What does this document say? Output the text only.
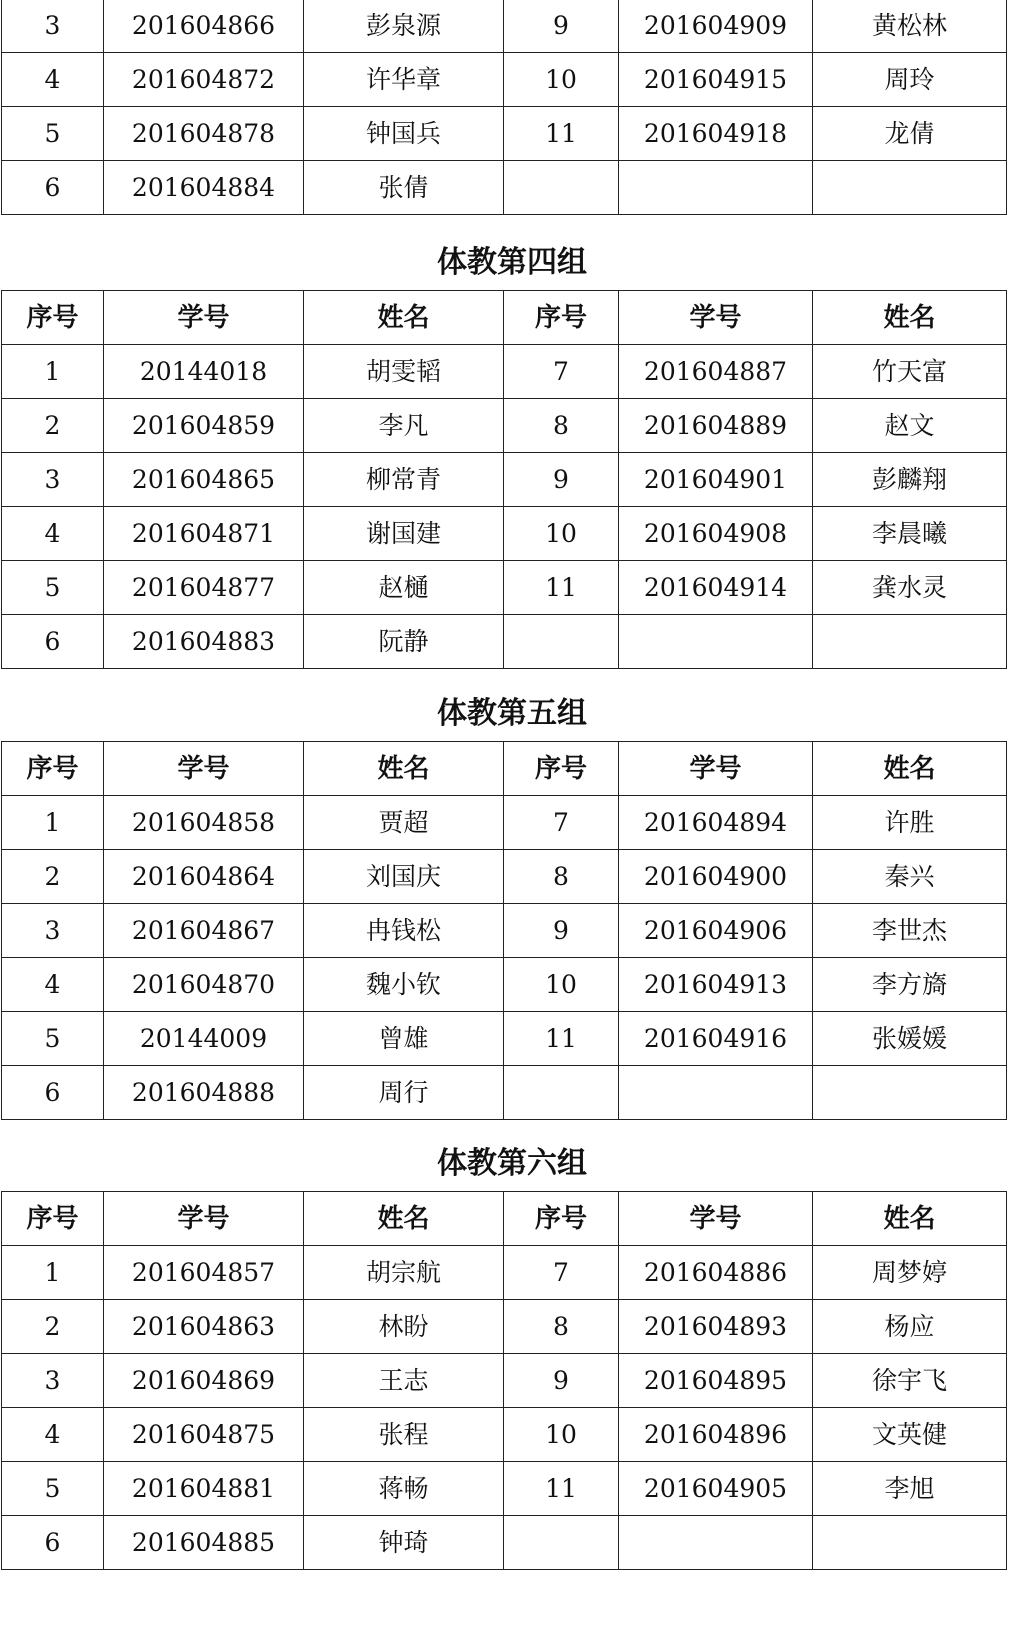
3	201604866	彭泉源	9	201604909	黄松林
4	201604872	许华章	10	201604915	周玲
5	201604878	钟国兵	11	201604918	龙倩
6	201604884	张倩			
体教第四组
序号	学号	姓名	序号	学号	姓名
1	20144018	胡雯韬	7	201604887	竹天富
2	201604859	李凡	8	201604889	赵文
3	201604865	柳常青	9	201604901	彭麟翔
4	201604871	谢国建	10	201604908	李晨曦
5	201604877	赵樋	11	201604914	龚水灵
6	201604883	阮静			
体教第五组
序号	学号	姓名	序号	学号	姓名
1	201604858	贾超	7	201604894	许胜
2	201604864	刘国庆	8	201604900	秦兴
3	201604867	冉钱松	9	201604906	李世杰
4	201604870	魏小钦	10	201604913	李方旖
5	20144009	曾雄	11	201604916	张媛媛
6	201604888	周行			
体教第六组
序号	学号	姓名	序号	学号	姓名
1	201604857	胡宗航	7	201604886	周梦婷
2	201604863	林盼	8	201604893	杨应
3	201604869	王志	9	201604895	徐宇飞
4	201604875	张程	10	201604896	文英健
5	201604881	蒋畅	11	201604905	李旭
6	201604885	钟琦			
